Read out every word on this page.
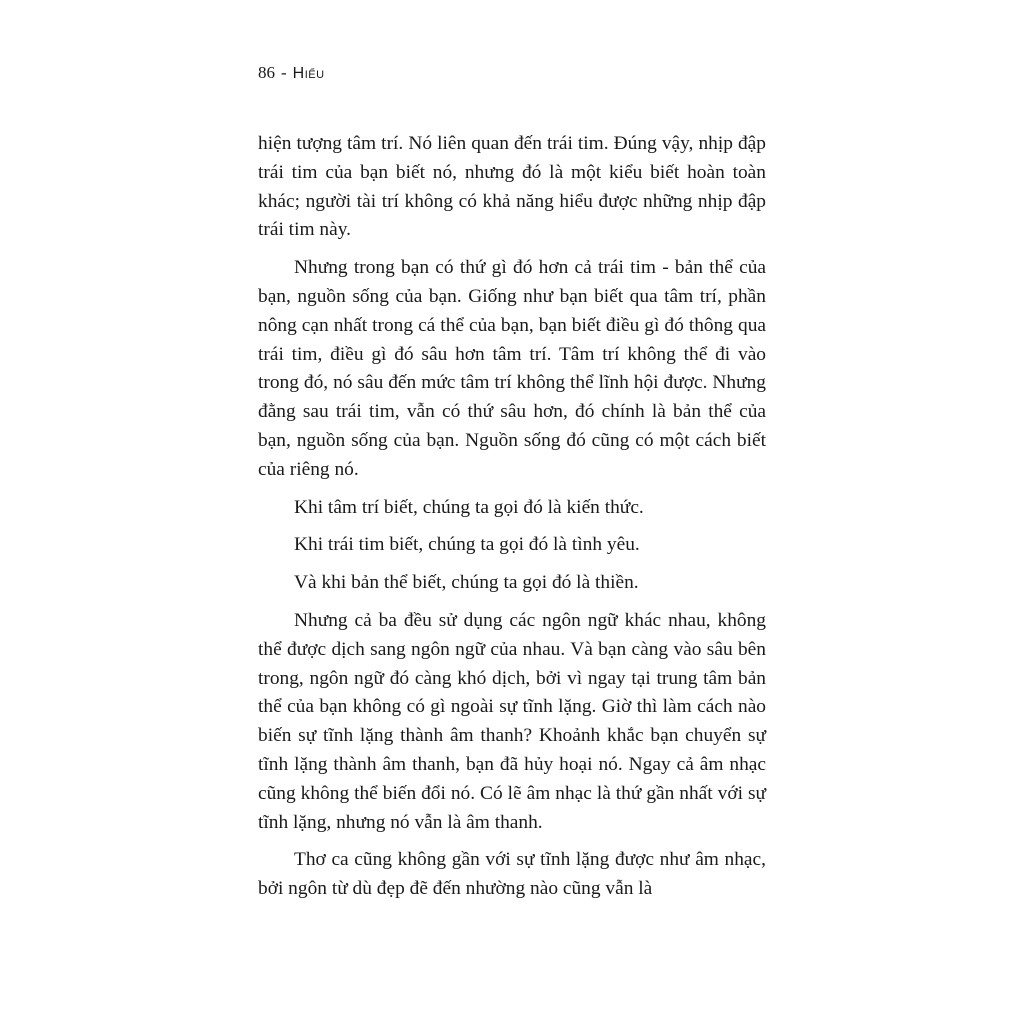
86 - Hiểu

hiện tượng tâm trí. Nó liên quan đến trái tim. Đúng vậy, nhịp đập trái tim của bạn biết nó, nhưng đó là một kiểu biết hoàn toàn khác; người tài trí không có khả năng hiểu được những nhịp đập trái tim này.

Nhưng trong bạn có thứ gì đó hơn cả trái tim - bản thể của bạn, nguồn sống của bạn. Giống như bạn biết qua tâm trí, phần nông cạn nhất trong cá thể của bạn, bạn biết điều gì đó thông qua trái tim, điều gì đó sâu hơn tâm trí. Tâm trí không thể đi vào trong đó, nó sâu đến mức tâm trí không thể lĩnh hội được. Nhưng đằng sau trái tim, vẫn có thứ sâu hơn, đó chính là bản thể của bạn, nguồn sống của bạn. Nguồn sống đó cũng có một cách biết của riêng nó.

Khi tâm trí biết, chúng ta gọi đó là kiến thức.

Khi trái tim biết, chúng ta gọi đó là tình yêu.

Và khi bản thể biết, chúng ta gọi đó là thiền.

Nhưng cả ba đều sử dụng các ngôn ngữ khác nhau, không thể được dịch sang ngôn ngữ của nhau. Và bạn càng vào sâu bên trong, ngôn ngữ đó càng khó dịch, bởi vì ngay tại trung tâm bản thể của bạn không có gì ngoài sự tĩnh lặng. Giờ thì làm cách nào biến sự tĩnh lặng thành âm thanh? Khoảnh khắc bạn chuyển sự tĩnh lặng thành âm thanh, bạn đã hủy hoại nó. Ngay cả âm nhạc cũng không thể biến đổi nó. Có lẽ âm nhạc là thứ gần nhất với sự tĩnh lặng, nhưng nó vẫn là âm thanh.

Thơ ca cũng không gần với sự tĩnh lặng được như âm nhạc, bởi ngôn từ dù đẹp đẽ đến nhường nào cũng vẫn là
